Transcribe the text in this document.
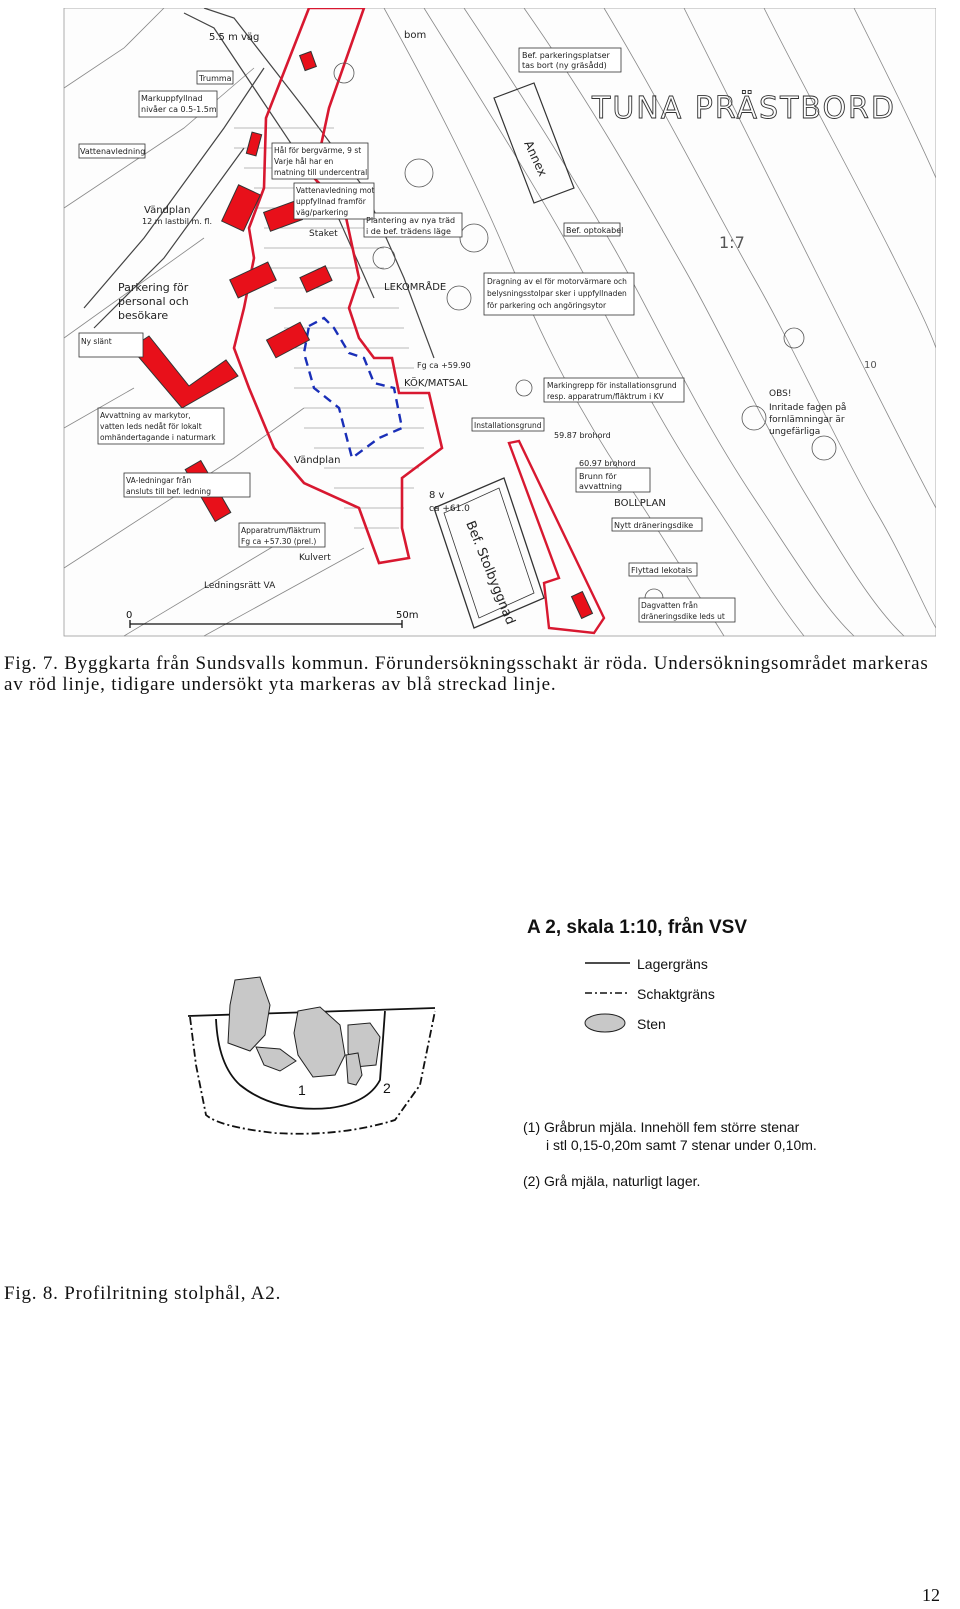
Vattenavledning
Trumma
Markuppfyllnad
nivåer ca 0.5-1.5m
5.5 m väg
Vändplan
12 m lastbil m. fl.
Vändplan
Parkering för
personal och
besökare
LEKOMRÅDE
KÖK/MATSAL
Annex
BOLLPLAN
Bef. Stolbyggnad
bom
Bef. parkeringsplatser
tas bort (ny gräsådd)
Staket
Plantering av nya träd
i de bef. trädens läge	Bef. optokabel
Dragning av el för motorvärmare och
belysningsstolpar sker i uppfyllnaden
för parkering och angöringsytor
Markingrepp för installationsgrund
resp. apparatrum/fläktrum i KV
Installationsgrund
59.87 brohord
60.97 brohord
Brunn för
avvattning
Nytt dräneringsdike
Flyttad lekotals
Dagvatten från
dräneringsdike leds ut
Apparatrum/fläktrum
Fg ca +57.30 (prel.)
Kulvert
Ledningsrätt VA
VA-ledningar från
ansluts till bef. ledning
Avvattning av markytor,
vatten leds nedåt för lokalt
omhändertagande i naturmark
Ny slänt
Fg ca +59.90
Inritade fagen på
fornlämningar är
ungefärliga
OBS!
Hål för bergvärme, 9 st
Varje hål har en
matning till undercentral
Vattenavledning mot
uppfyllnad framför
väg/parkering
8 v
ca +61.0
1:7
10
TUNA PRÄSTBORD
0	50m
Fig. 7. Byggkarta från Sundsvalls kommun. Förundersökningsschakt är röda. Undersökningsområdet markeras av röd linje, tidigare undersökt yta markeras av blå streckad linje.
A 2, skala 1:10, från VSV
Lagergräns
Schaktgräns
Sten
1	2
(1) Gråbrun mjäla. Innehöll fem större stenar
i stl 0,15-0,20m samt 7 stenar under 0,10m.
(2) Grå mjäla, naturligt lager.
Fig. 8. Profilritning stolphål, A2.
12
